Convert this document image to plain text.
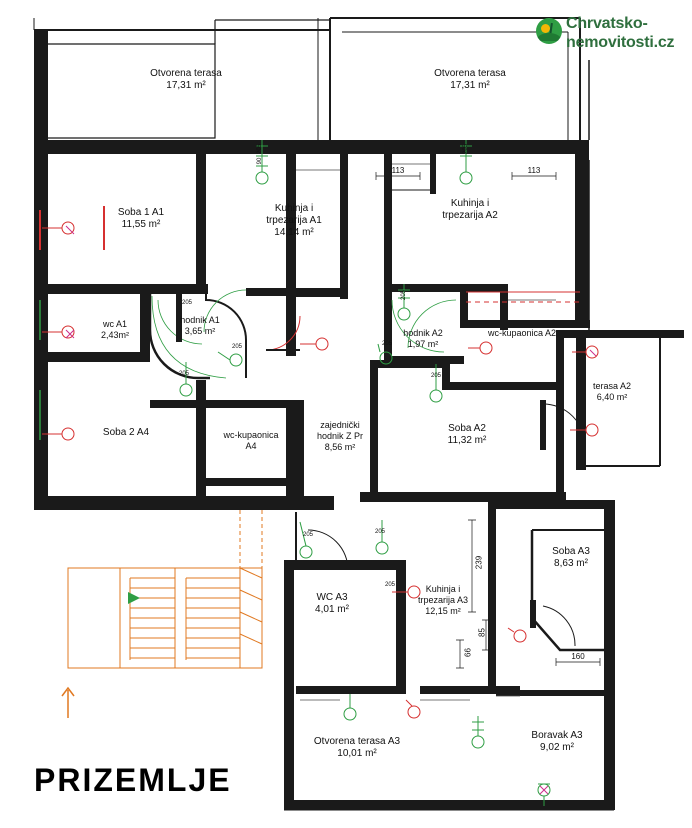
Otvorena terasa
17,31 m²
Otvorena terasa
17,31 m²
Soba 1 A1
11,55 m²
Kuhinja i
trpezarija A1
14,14 m²
Kuhinja i
trpezarija A2
wc A1
2,43m²
hodnik A1
3,65 m²	hodnik A2
1,97 m²
wc-kupaonica A2
terasa A2
6,40 m²
Soba 2 A4	wc-kupaonica
A4
zajednički
hodnik Z Pr
8,56 m²
Soba A2
11,32 m²
Soba A3
8,63 m²
WC A3
4,01 m²
Kuhinja i
trpezarija A3
12,15 m²
Otvorena terasa A3
10,01 m²
Boravak A3
9,02 m²
113	113
239
85
66	160
205
90
205
205
205
205
205
205
205
205	205
205
Chrvatsko-
nemovitosti.cz
PRIZEMLJE
